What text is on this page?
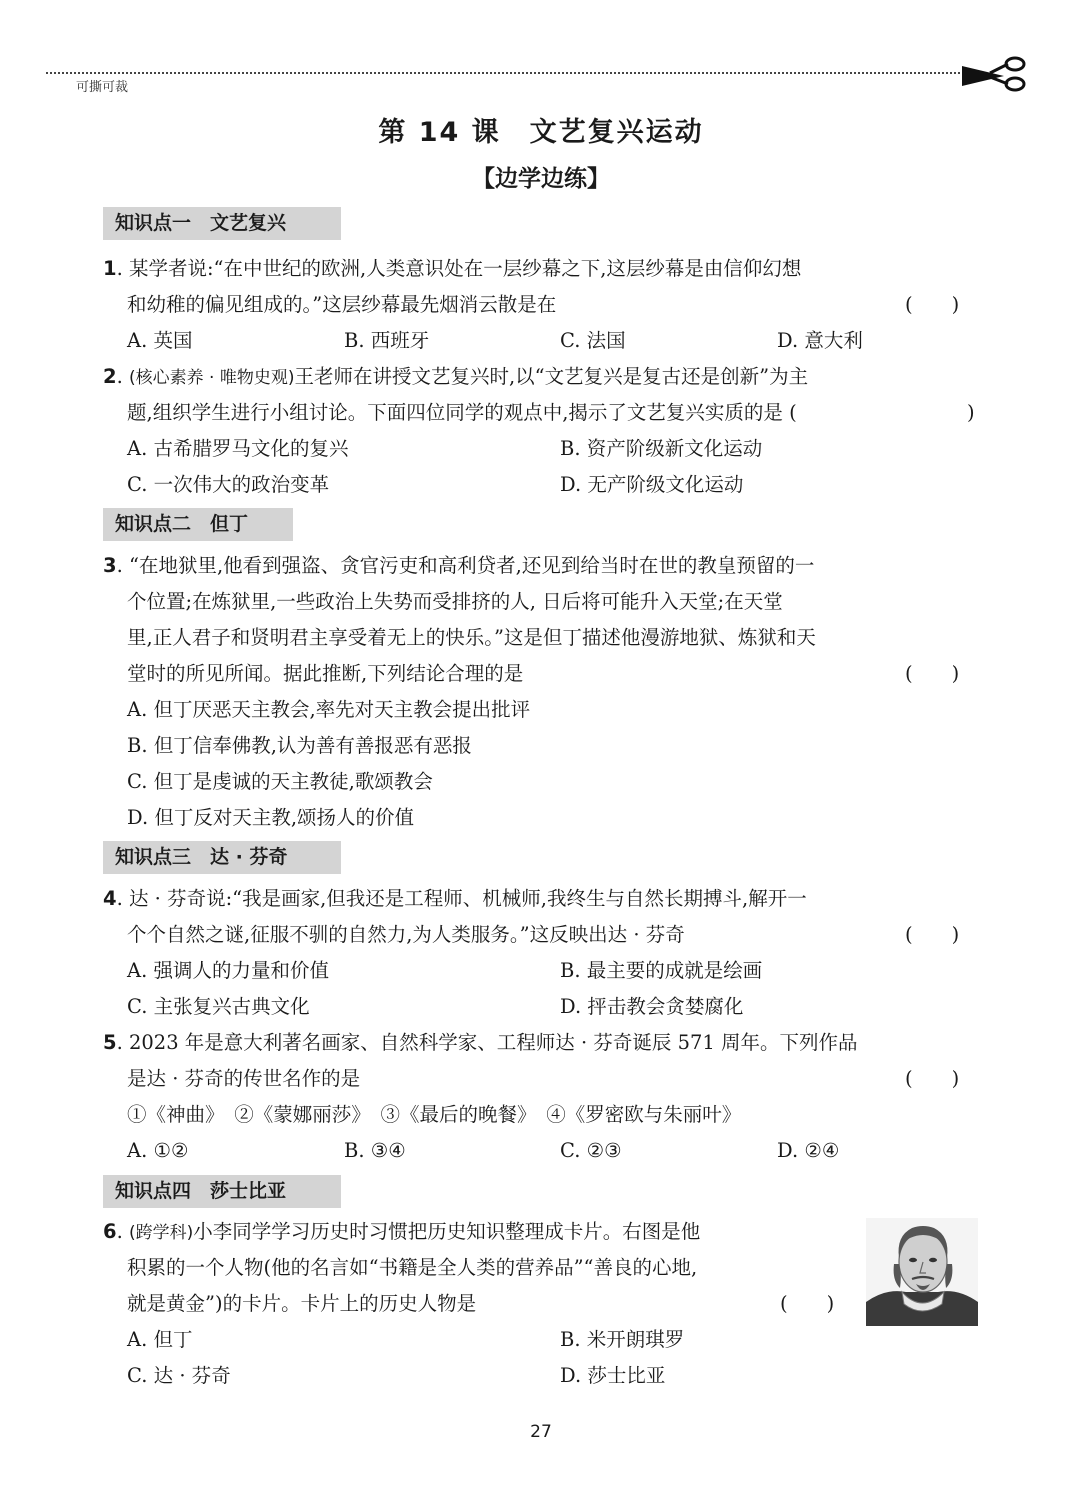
可撕可裁
第 14 课　文艺复兴运动
【边学边练】
知识点一　文艺复兴
1. 某学者说:“在中世纪的欧洲,人类意识处在一层纱幕之下,这层纱幕是由信仰幻想
和幼稚的偏见组成的。”这层纱幕最先烟消云散是在	(　　)
A. 英国	B. 西班牙	C. 法国	D. 意大利
2. (核心素养 · 唯物史观)王老师在讲授文艺复兴时,以“文艺复兴是复古还是创新”为主
题,组织学生进行小组讨论。下面四位同学的观点中,揭示了文艺复兴实质的是 (	)
A. 古希腊罗马文化的复兴	B. 资产阶级新文化运动
C. 一次伟大的政治变革	D. 无产阶级文化运动
知识点二　但丁
3. “在地狱里,他看到强盗、贪官污吏和高利贷者,还见到给当时在世的教皇预留的一
个位置;在炼狱里,一些政治上失势而受排挤的人, 日后将可能升入天堂;在天堂
里,正人君子和贤明君主享受着无上的快乐。”这是但丁描述他漫游地狱、炼狱和天
堂时的所见所闻。据此推断,下列结论合理的是	(　　)
A. 但丁厌恶天主教会,率先对天主教会提出批评
B. 但丁信奉佛教,认为善有善报恶有恶报
C. 但丁是虔诚的天主教徒,歌颂教会
D. 但丁反对天主教,颂扬人的价值
知识点三　达 · 芬奇
4. 达 · 芬奇说:“我是画家,但我还是工程师、机械师,我终生与自然长期搏斗,解开一
个个自然之谜,征服不驯的自然力,为人类服务。”这反映出达 · 芬奇	(　　)
A. 强调人的力量和价值	B. 最主要的成就是绘画
C. 主张复兴古典文化	D. 抨击教会贪婪腐化
5. 2023 年是意大利著名画家、自然科学家、工程师达 · 芬奇诞辰 571 周年。下列作品
是达 · 芬奇的传世名作的是	(　　)
①《神曲》　②《蒙娜丽莎》　③《最后的晚餐》　④《罗密欧与朱丽叶》
A. ①②	B. ③④	C. ②③	D. ②④
知识点四　莎士比亚
6. (跨学科)小李同学学习历史时习惯把历史知识整理成卡片。右图是他
积累的一个人物(他的名言如“书籍是全人类的营养品”“善良的心地,
就是黄金”)的卡片。卡片上的历史人物是	(　　)
A. 但丁	B. 米开朗琪罗
C. 达 · 芬奇	D. 莎士比亚
27
